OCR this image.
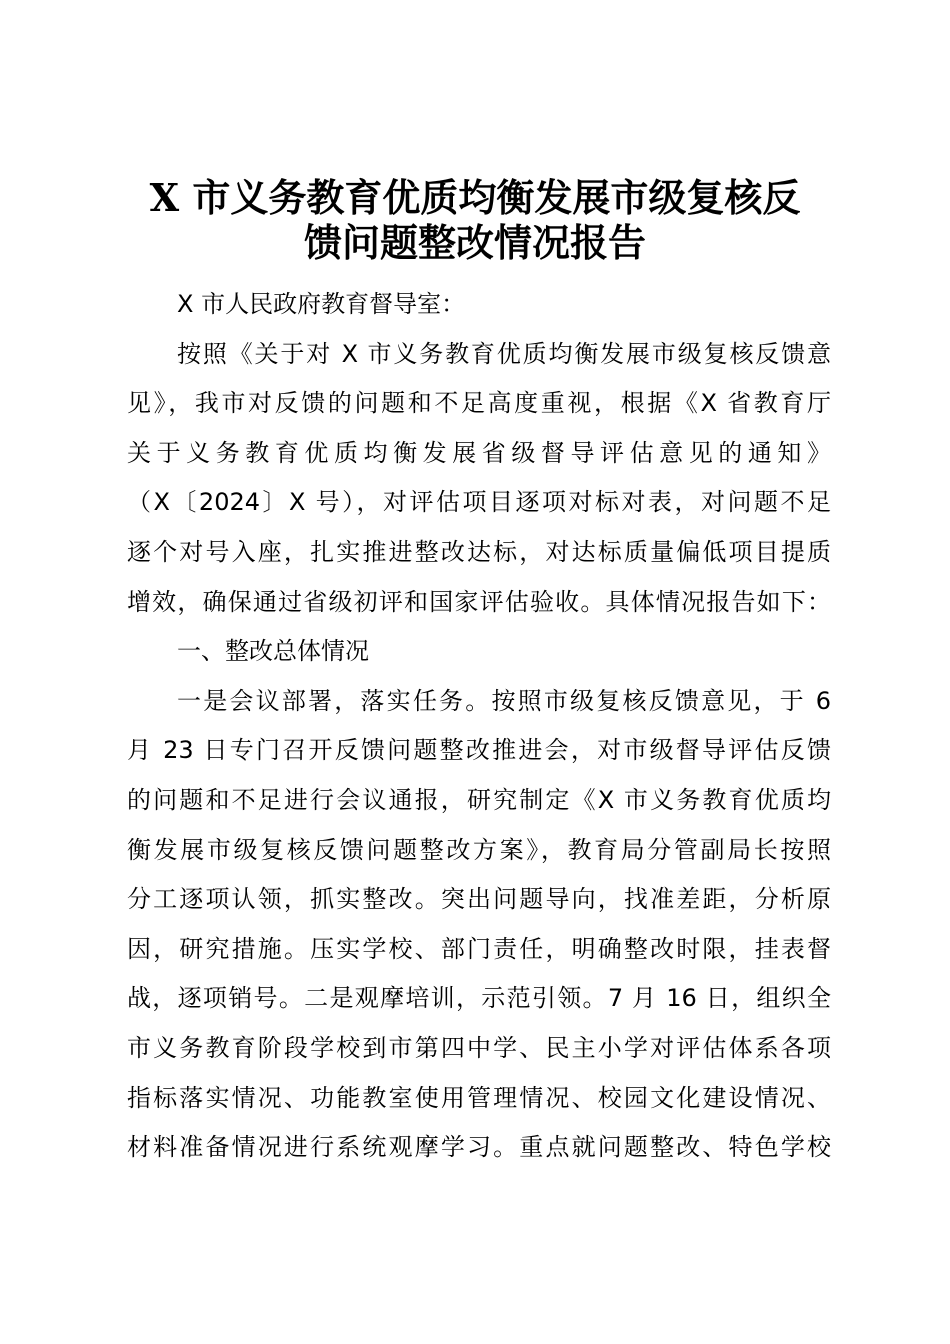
X 市义务教育优质均衡发展市级复核反
馈问题整改情况报告
X 市人民政府教育督导室：
按照《关于对 X 市义务教育优质均衡发展市级复核反馈意
见》，我市对反馈的问题和不足高度重视，根据《X 省教育厅
关于义务教育优质均衡发展省级督导评估意见的通知》
（X〔2024〕X 号），对评估项目逐项对标对表，对问题不足
逐个对号入座，扎实推进整改达标，对达标质量偏低项目提质
增效，确保通过省级初评和国家评估验收。具体情况报告如下：
一、整改总体情况
一是会议部署，落实任务。按照市级复核反馈意见，于 6
月 23 日专门召开反馈问题整改推进会，对市级督导评估反馈
的问题和不足进行会议通报，研究制定《X 市义务教育优质均
衡发展市级复核反馈问题整改方案》，教育局分管副局长按照
分工逐项认领，抓实整改。突出问题导向，找准差距，分析原
因，研究措施。压实学校、部门责任，明确整改时限，挂表督
战，逐项销号。二是观摩培训，示范引领。7 月 16 日，组织全
市义务教育阶段学校到市第四中学、民主小学对评估体系各项
指标落实情况、功能教室使用管理情况、校园文化建设情况、
材料准备情况进行系统观摩学习。重点就问题整改、特色学校
